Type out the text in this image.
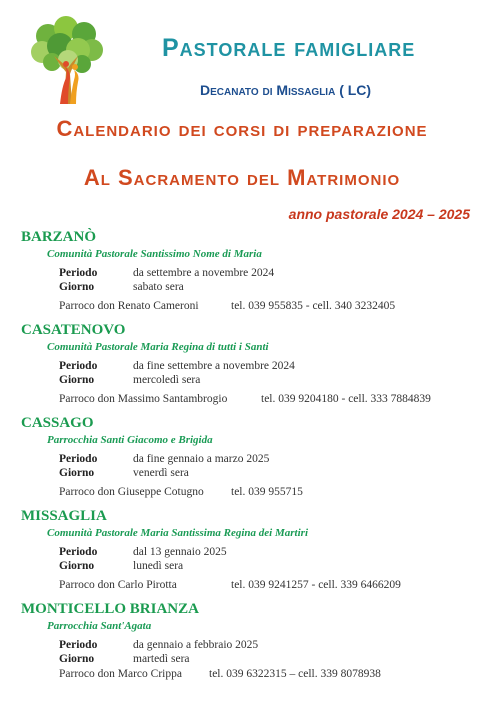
Pastorale famigliare
Decanato di Missaglia ( LC)
Calendario dei corsi di preparazione
Al Sacramento del Matrimonio
anno pastorale 2024 – 2025
BARZANÒ
Comunità Pastorale Santissimo Nome di Maria
Periodo	da settembre a novembre 2024
Giorno	sabato sera
Parroco don Renato Cameroni	tel. 039 955835 - cell. 340 3232405
CASATENOVO
Comunità Pastorale Maria Regina di tutti i Santi
Periodo	da fine settembre a novembre 2024
Giorno	mercoledì sera
Parroco don Massimo Santambrogio	tel. 039 9204180 - cell. 333 7884839
CASSAGO
Parrocchia Santi Giacomo e Brigida
Periodo	da fine gennaio a marzo 2025
Giorno	venerdì sera
Parroco don Giuseppe Cotugno	tel. 039 955715
MISSAGLIA
Comunità Pastorale Maria Santissima Regina dei Martiri
Periodo	dal 13 gennaio 2025
Giorno	lunedì sera
Parroco don Carlo Pirotta	tel. 039 9241257 - cell. 339 6466209
MONTICELLO BRIANZA
Parrocchia Sant'Agata
Periodo	da gennaio a febbraio 2025
Giorno	martedì sera
Parroco don Marco Crippa	tel. 039 6322315 – cell. 339 8078938
